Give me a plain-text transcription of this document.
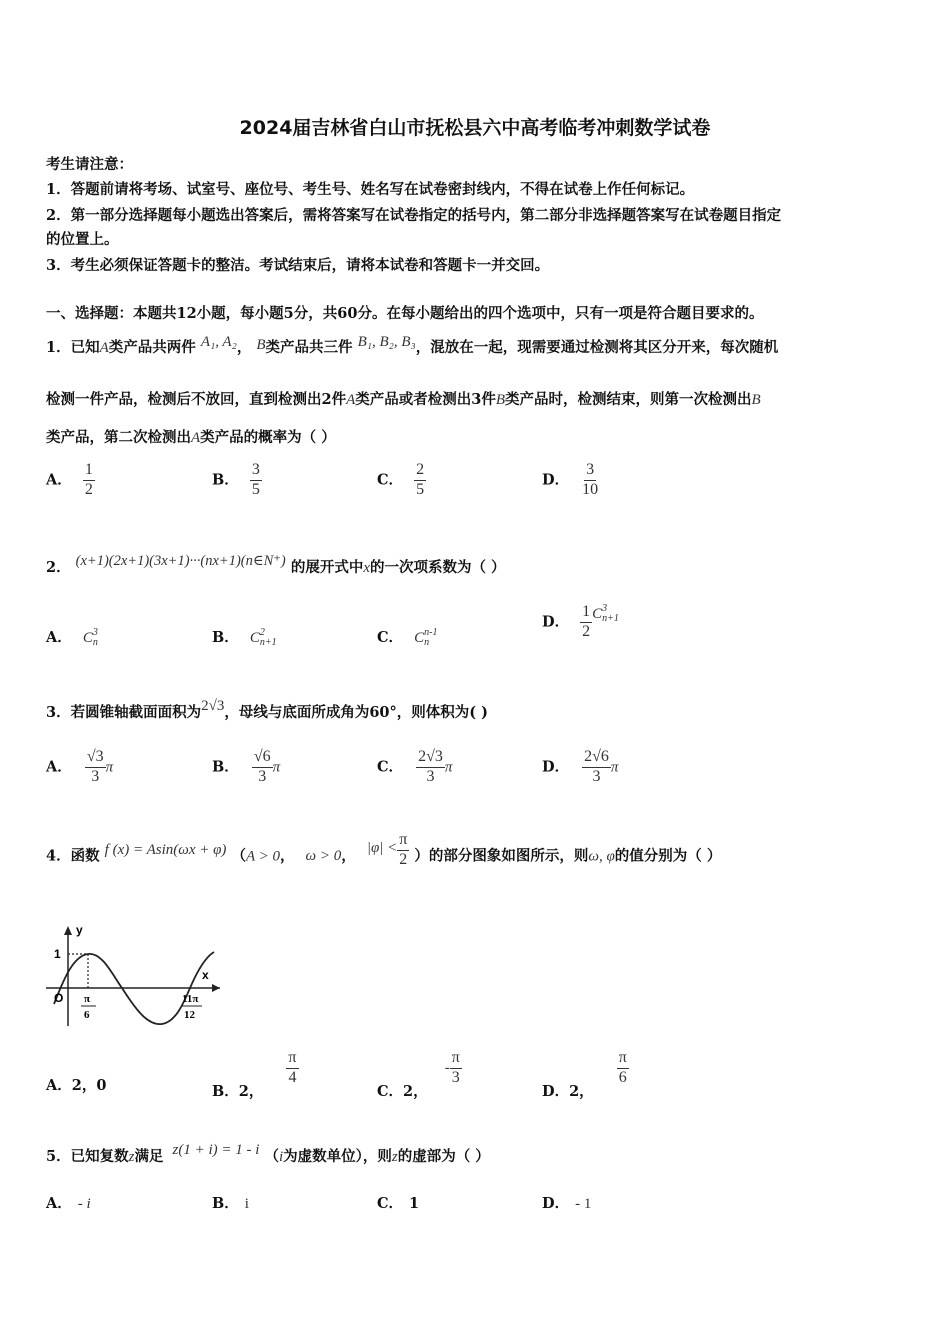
2024届吉林省白山市抚松县六中高考临考冲刺数学试卷
考生请注意：
1．答题前请将考场、试室号、座位号、考生号、姓名写在试卷密封线内，不得在试卷上作任何标记。
2．第一部分选择题每小题选出答案后，需将答案写在试卷指定的括号内，第二部分非选择题答案写在试卷题目指定
的位置上。
3．考生必须保证答题卡的整洁。考试结束后，请将本试卷和答题卡一并交回。
一、选择题：本题共12小题，每小题5分，共60分。在每小题给出的四个选项中，只有一项是符合题目要求的。
1．已知A类产品共两件 A₁, A₂， B类产品共三件 B₁, B₂, B₃，混放在一起，现需要通过检测将其区分开来，每次随机
检测一件产品，检测后不放回，直到检测出2件A类产品或者检测出3件B类产品时，检测结束，则第一次检测出B
类产品，第二次检测出A类产品的概率为（ ）
A． $\frac{1}{2}$	B． $\frac{3}{5}$	C． $\frac{2}{5}$	D． $\frac{3}{10}$
2． (x+1)(2x+1)(3x+1)···(nx+1)(n∈N⁺) 的展开式中x的一次项系数为（ ）
A． C 3
n	B． C 2
n+1	C． C n-1
n
D． $\frac{1}{2}$ C 3
n+1
3．若圆锥轴截面面积为2√3，母线与底面所成角为60°，则体积为( )
A． $\frac{√3}{3}$ π	B． $\frac{√6}{3}$ π	C． $\frac{2√3}{3}$ π	D． $\frac{2√6}{3}$ π
4．函数 f (x) = Asin(ωx + φ) （A > 0， ω > 0， $|\varphi| < \frac{\pi}{2}$ ）的部分图象如图所示，则ω, φ的值分别为（ ）
y
x
O
1
π
6
11π
12
A．2，0	B．2，
$\frac{\pi}{4}$
C．2， - $\frac{\pi}{3}$
D．2，
$\frac{\pi}{6}$
5．已知复数z满足 z(1 + i) = 1 - i （i为虚数单位），则z的虚部为（ ）
A． - i	B． i	C． 1	D． - 1
